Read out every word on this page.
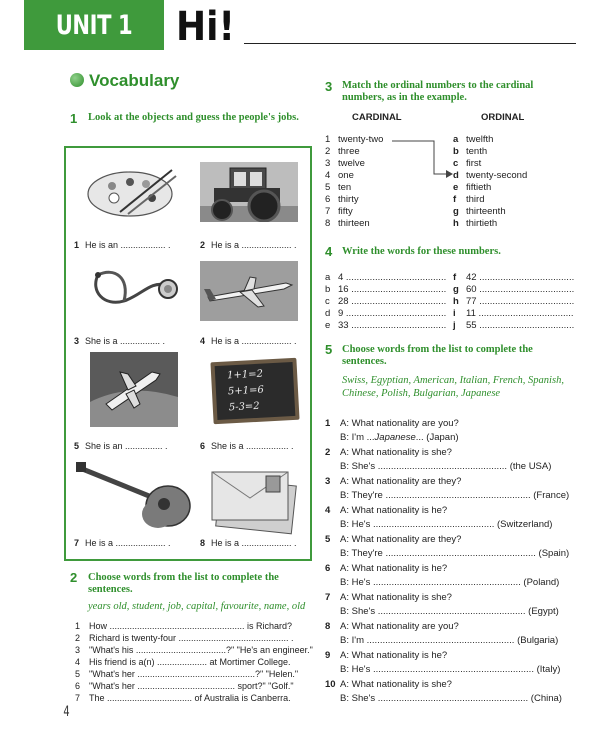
UNIT 1	Hi!
Vocabulary
1 Look at the objects and guess the people's jobs.
1 He is an .................. .	2 He is a .................... .
3 She is a ................ .	4 He is a .................... .
1+1=2
5+1=6
5-3=2
5 She is an ............... .	6 She is a ................. .
7 He is a .................... .	8 He is a .................... .
2 Choose words from the list to complete the sentences.
years old, student, job, capital, favourite, name, old
1 How ...................................................... is Richard?
2 Richard is twenty-four ............................................ .
3 "What's his ....................................?" "He's an engineer."
4 His friend is a(n) .................... at Mortimer College.
5 "What's her ...............................................?" "Helen."
6 "What's her ....................................... sport?" "Golf."
7 The .................................. of Australia is Canberra.
4
3 Match the ordinal numbers to the cardinal numbers, as in the example.
CARDINAL	ORDINAL
1 twenty-two
2 three
3 twelve
4 one
5 ten
6 thirty
7 fifty
8 thirteen
a twelfth
b tenth
c first
d twenty-second
e fiftieth
f third
g thirteenth
h thirtieth
4 Write the words for these numbers.
a 4 ......................................
b 16 ....................................
c 28 ....................................
d 9 ......................................
e 33 ....................................
f 42 ....................................
g 60 ....................................
h 77 ....................................
i 11 ....................................
j 55 ....................................
5 Choose words from the list to complete the sentences.
Swiss, Egyptian, American, Italian, French, Spanish, Chinese, Polish, Bulgarian, Japanese
1 A: What nationality are you?
B: I'm ...Japanese... (Japan)
2 A: What nationality is she?
B: She's ................................................. (the USA)
3 A: What nationality are they?
B: They're ....................................................... (France)
4 A: What nationality is he?
B: He's .............................................. (Switzerland)
5 A: What nationality are they?
B: They're ......................................................... (Spain)
6 A: What nationality is he?
B: He's ........................................................ (Poland)
7 A: What nationality is she?
B: She's ........................................................ (Egypt)
8 A: What nationality are you?
B: I'm ........................................................ (Bulgaria)
9 A: What nationality is he?
B: He's ............................................................. (Italy)
10 A: What nationality is she?
B: She's ......................................................... (China)
